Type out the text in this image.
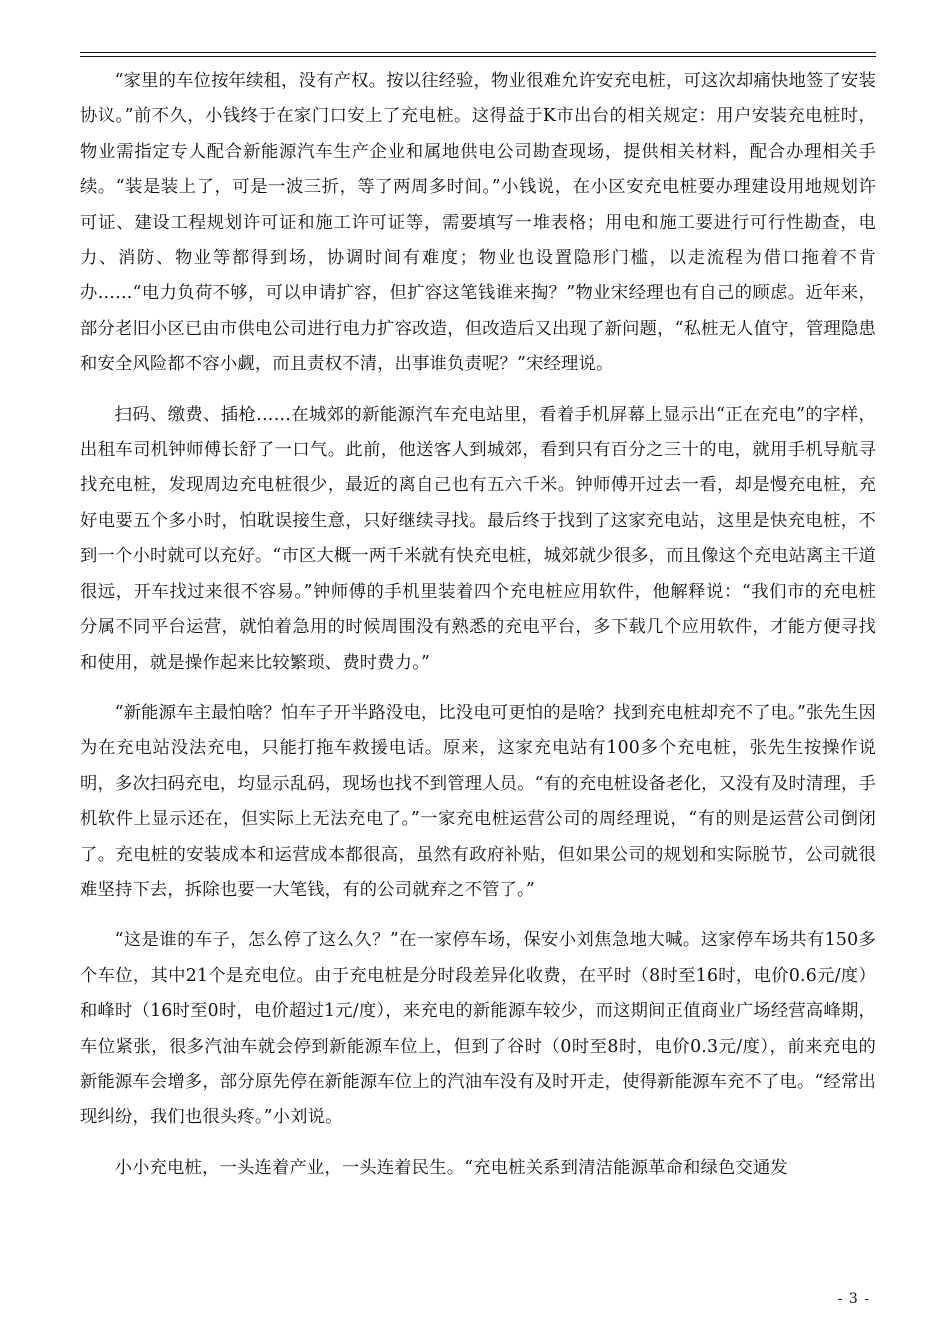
“家里的车位按年续租，没有产权。按以往经验，物业很难允许安充电桩，可这次却痛快地签了安装协议。”前不久，小钱终于在家门口安上了充电桩。这得益于K市出台的相关规定：用户安装充电桩时，物业需指定专人配合新能源汽车生产企业和属地供电公司勘查现场，提供相关材料，配合办理相关手续。“装是装上了，可是一波三折，等了两周多时间。”小钱说，在小区安充电桩要办理建设用地规划许可证、建设工程规划许可证和施工许可证等，需要填写一堆表格；用电和施工要进行可行性勘查，电力、消防、物业等都得到场，协调时间有难度；物业也设置隐形门槛，以走流程为借口拖着不肯办……“电力负荷不够，可以申请扩容，但扩容这笔钱谁来掏？”物业宋经理也有自己的顾虑。近年来，部分老旧小区已由市供电公司进行电力扩容改造，但改造后又出现了新问题，“私桩无人值守，管理隐患和安全风险都不容小觑，而且责权不清，出事谁负责呢？”宋经理说。

扫码、缴费、插枪……在城郊的新能源汽车充电站里，看着手机屏幕上显示出“正在充电”的字样，出租车司机钟师傅长舒了一口气。此前，他送客人到城郊，看到只有百分之三十的电，就用手机导航寻找充电桩，发现周边充电桩很少，最近的离自己也有五六千米。钟师傅开过去一看，却是慢充电桩，充好电要五个多小时，怕耽误接生意，只好继续寻找。最后终于找到了这家充电站，这里是快充电桩，不到一个小时就可以充好。“市区大概一两千米就有快充电桩，城郊就少很多，而且像这个充电站离主干道很远，开车找过来很不容易。”钟师傅的手机里装着四个充电桩应用软件，他解释说：“我们市的充电桩分属不同平台运营，就怕着急用的时候周围没有熟悉的充电平台，多下载几个应用软件，才能方便寻找和使用，就是操作起来比较繁琐、费时费力。”

“新能源车主最怕啥？怕车子开半路没电，比没电可更怕的是啥？找到充电桩却充不了电。”张先生因为在充电站没法充电，只能打拖车救援电话。原来，这家充电站有100多个充电桩，张先生按操作说明，多次扫码充电，均显示乱码，现场也找不到管理人员。“有的充电桩设备老化，又没有及时清理，手机软件上显示还在，但实际上无法充电了。”一家充电桩运营公司的周经理说，“有的则是运营公司倒闭了。充电桩的安装成本和运营成本都很高，虽然有政府补贴，但如果公司的规划和实际脱节，公司就很难坚持下去，拆除也要一大笔钱，有的公司就弃之不管了。”

“这是谁的车子，怎么停了这么久？”在一家停车场，保安小刘焦急地大喊。这家停车场共有150多个车位，其中21个是充电位。由于充电桩是分时段差异化收费，在平时（8时至16时，电价0.6元/度）和峰时（16时至0时，电价超过1元/度），来充电的新能源车较少，而这期间正值商业广场经营高峰期，车位紧张，很多汽油车就会停到新能源车位上，但到了谷时（0时至8时，电价0.3元/度），前来充电的新能源车会增多，部分原先停在新能源车位上的汽油车没有及时开走，使得新能源车充不了电。“经常出现纠纷，我们也很头疼。”小刘说。

小小充电桩，一头连着产业，一头连着民生。“充电桩关系到清洁能源革命和绿色交通发

- 3 -
